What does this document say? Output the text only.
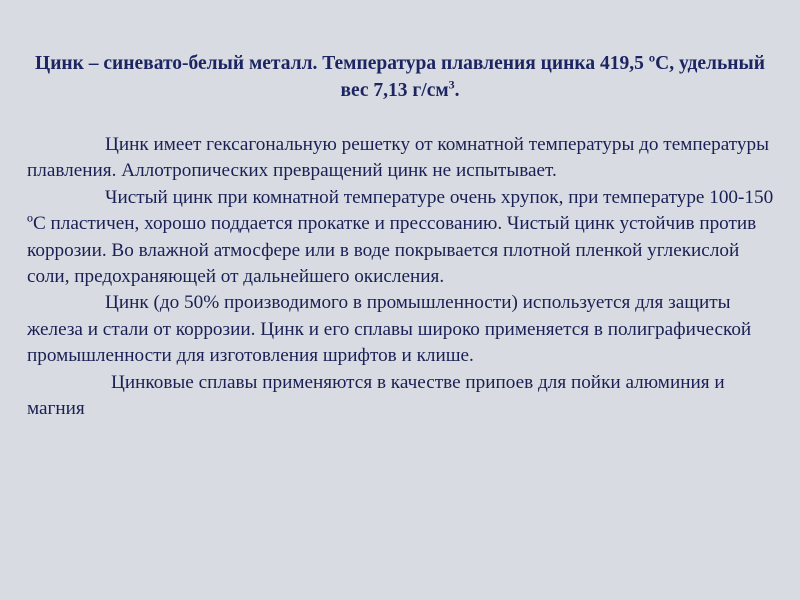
Цинк – синевато-белый металл. Температура плавления цинка 419,5 ºС, удельный вес 7,13 $г/см^3$.

Цинк имеет гексагональную решетку от комнатной температуры до температуры плавления. Аллотропических превращений цинк не испытывает.

Чистый цинк при комнатной температуре очень хрупок, при температуре 100-150 ºС пластичен, хорошо поддается прокатке и прессованию. Чистый цинк устойчив против коррозии. Во влажной атмосфере или в воде покрывается плотной пленкой углекислой соли, предохраняющей от дальнейшего окисления.

Цинк (до 50% производимого в промышленности) используется для защиты железа и стали от коррозии. Цинк и его сплавы широко применяется в полиграфической промышленности для изготовления шрифтов и клише.

Цинковые сплавы применяются в качестве припоев для пойки алюминия и магния
